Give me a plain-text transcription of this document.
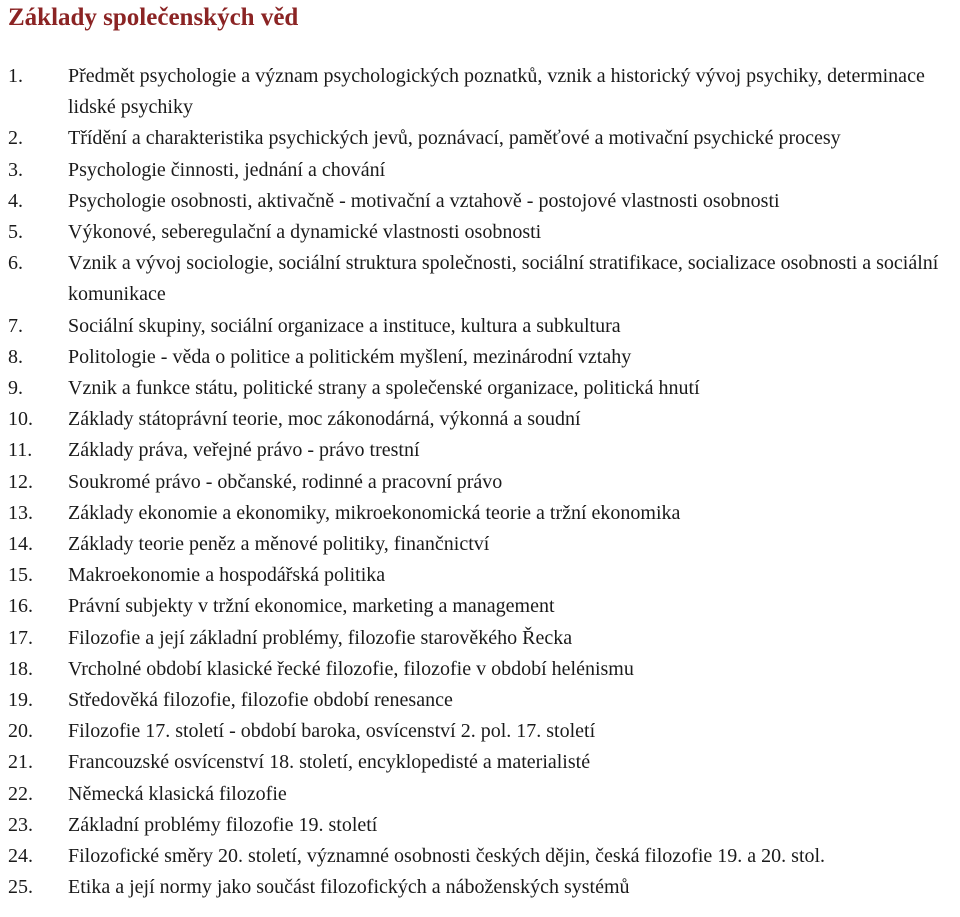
Základy společenských věd
1.	Předmět psychologie a význam psychologických poznatků, vznik a historický vývoj psychiky, determinace lidské psychiky
2.	Třídění a charakteristika psychických jevů, poznávací, paměťové a motivační psychické procesy
3.	Psychologie činnosti, jednání a chování
4.	Psychologie osobnosti, aktivačně - motivační a vztahově - postojové vlastnosti osobnosti
5.	Výkonové, seberegulační a dynamické vlastnosti osobnosti
6.	Vznik a vývoj sociologie, sociální struktura společnosti, sociální stratifikace, socializace osobnosti a sociální komunikace
7.	Sociální skupiny, sociální organizace a instituce, kultura a subkultura
8.	Politologie - věda o politice a politickém myšlení, mezinárodní vztahy
9.	Vznik a funkce státu, politické strany a společenské organizace, politická hnutí
10.	Základy státoprávní teorie, moc zákonodárná, výkonná a soudní
11.	Základy práva, veřejné právo - právo trestní
12.	Soukromé právo - občanské, rodinné a pracovní právo
13.	Základy ekonomie a ekonomiky, mikroekonomická teorie a tržní ekonomika
14.	Základy teorie peněz a měnové politiky, finančnictví
15.	Makroekonomie a hospodářská politika
16.	Právní subjekty v tržní ekonomice, marketing a management
17.	Filozofie a její základní problémy, filozofie starověkého Řecka
18.	Vrcholné období klasické řecké filozofie, filozofie v období helénismu
19.	Středověká filozofie, filozofie období renesance
20.	Filozofie 17. století - období baroka, osvícenství 2. pol. 17. století
21.	Francouzské osvícenství 18. století, encyklopedisté a materialisté
22.	Německá klasická filozofie
23.	Základní problémy filozofie 19. století
24.	Filozofické směry 20. století, významné osobnosti českých dějin, česká filozofie 19. a 20. stol.
25.	Etika a její normy jako součást filozofických a náboženských systémů
